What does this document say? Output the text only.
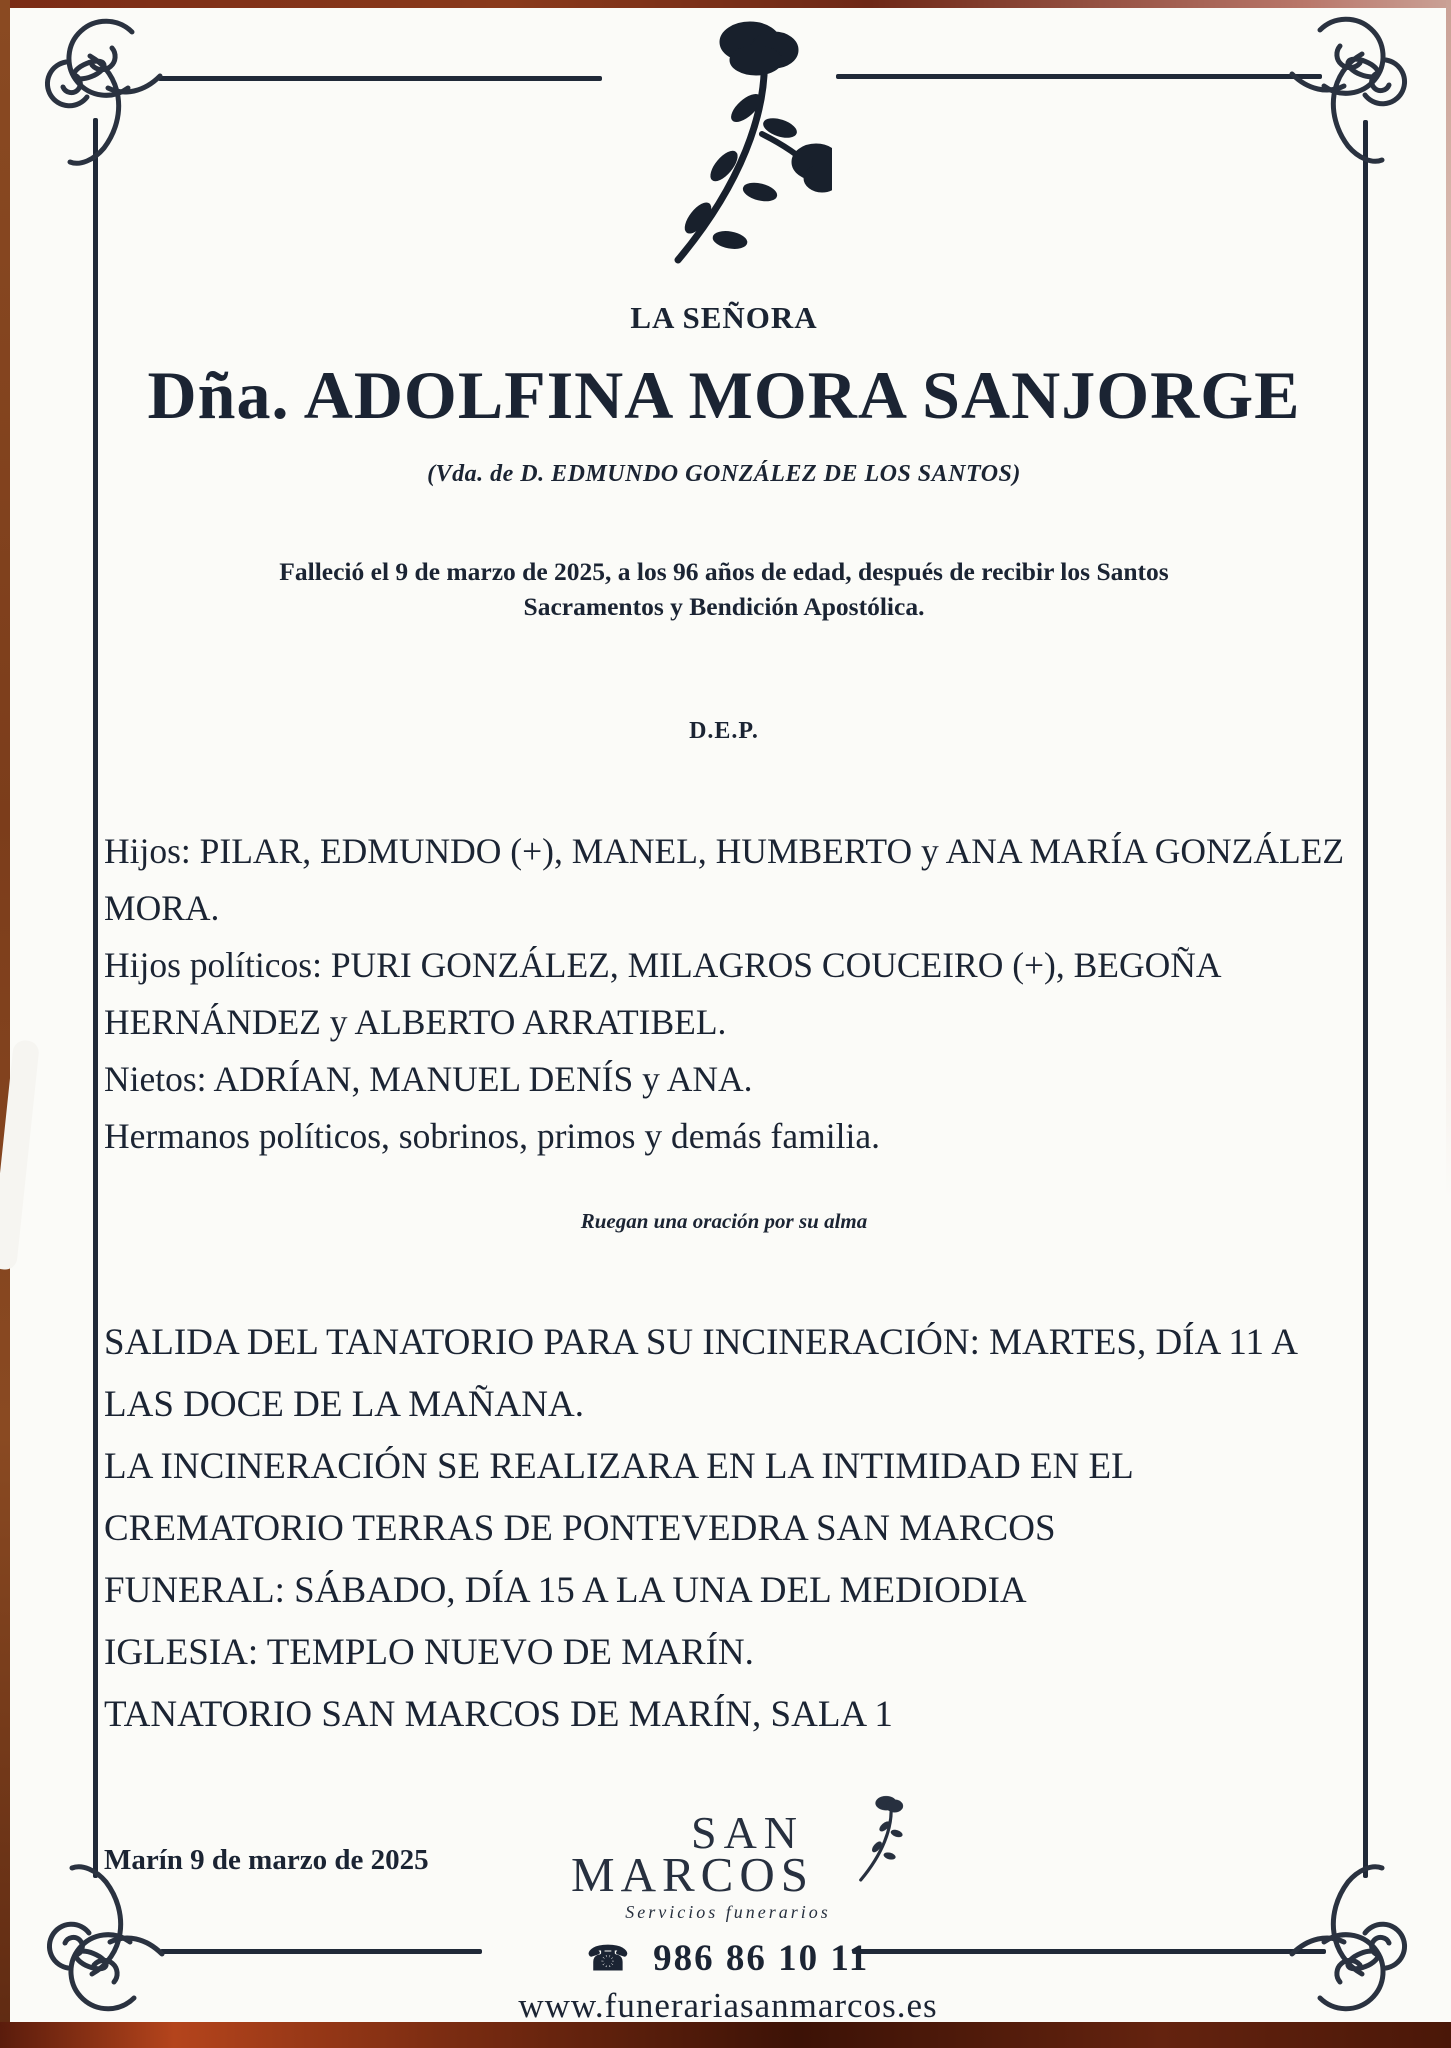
LA SEÑORA

Dña. ADOLFINA MORA SANJORGE

(Vda. de D. EDMUNDO GONZÁLEZ DE LOS SANTOS)

Falleció el 9 de marzo de 2025, a los 96 años de edad, después de recibir los Santos Sacramentos y Bendición Apostólica.

D.E.P.

Hijos: PILAR, EDMUNDO (+), MANEL, HUMBERTO y ANA MARÍA GONZÁLEZ MORA.

Hijos políticos: PURI GONZÁLEZ, MILAGROS COUCEIRO (+), BEGOÑA HERNÁNDEZ y ALBERTO ARRATIBEL.

Nietos: ADRÍAN, MANUEL DENÍS y ANA.

Hermanos políticos, sobrinos, primos y demás familia.

Ruegan una oración por su alma

SALIDA DEL TANATORIO PARA SU INCINERACIÓN: MARTES, DÍA 11 A LAS DOCE DE LA MAÑANA.

LA INCINERACIÓN SE REALIZARA EN LA INTIMIDAD EN EL CREMATORIO TERRAS DE PONTEVEDRA SAN MARCOS

FUNERAL: SÁBADO, DÍA 15 A LA UNA DEL MEDIODIA

IGLESIA: TEMPLO NUEVO DE MARÍN.

TANATORIO SAN MARCOS DE MARÍN, SALA 1

Marín 9 de marzo de 2025

SAN
MARCOS
Servicios funerarios
☎ 986 86 10 11
www.funerariasanmarcos.es
